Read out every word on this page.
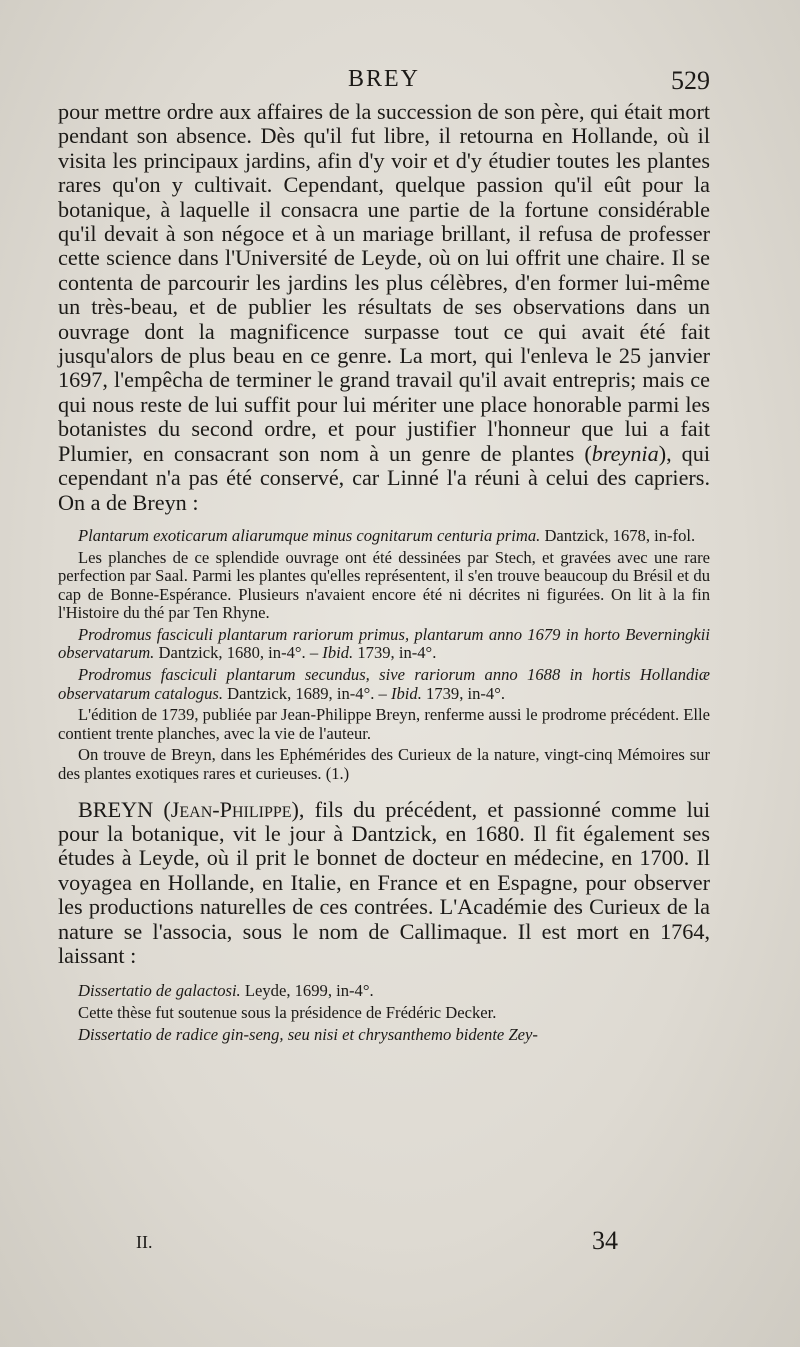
BREY	529

pour mettre ordre aux affaires de la succession de son père, qui était mort pendant son absence. Dès qu'il fut libre, il retourna en Hollande, où il visita les principaux jardins, afin d'y voir et d'y étudier toutes les plantes rares qu'on y cultivait. Cependant, quelque passion qu'il eût pour la botanique, à laquelle il consacra une partie de la fortune considérable qu'il devait à son négoce et à un mariage brillant, il refusa de professer cette science dans l'Université de Leyde, où on lui offrit une chaire. Il se contenta de parcourir les jardins les plus célèbres, d'en former lui-même un très-beau, et de publier les résultats de ses observations dans un ouvrage dont la magnificence surpasse tout ce qui avait été fait jusqu'alors de plus beau en ce genre. La mort, qui l'enleva le 25 janvier 1697, l'empêcha de terminer le grand travail qu'il avait entrepris; mais ce qui nous reste de lui suffit pour lui mériter une place honorable parmi les botanistes du second ordre, et pour justifier l'honneur que lui a fait Plumier, en consacrant son nom à un genre de plantes (breynia), qui cependant n'a pas été conservé, car Linné l'a réuni à celui des capriers. On a de Breyn :

Plantarum exoticarum aliarumque minus cognitarum centuria prima. Dantzick, 1678, in-fol.

Les planches de ce splendide ouvrage ont été dessinées par Stech, et gravées avec une rare perfection par Saal. Parmi les plantes qu'elles représentent, il s'en trouve beaucoup du Brésil et du cap de Bonne-Espérance. Plusieurs n'avaient encore été ni décrites ni figurées. On lit à la fin l'Histoire du thé par Ten Rhyne.

Prodromus fasciculi plantarum rariorum primus, plantarum anno 1679 in horto Beverningkii observatarum. Dantzick, 1680, in-4°. – Ibid. 1739, in-4°.

Prodromus fasciculi plantarum secundus, sive rariorum anno 1688 in hortis Hollandiæ observatarum catalogus. Dantzick, 1689, in-4°. – Ibid. 1739, in-4°.

L'édition de 1739, publiée par Jean-Philippe Breyn, renferme aussi le prodrome précédent. Elle contient trente planches, avec la vie de l'auteur.

On trouve de Breyn, dans les Ephémérides des Curieux de la nature, vingt-cinq Mémoires sur des plantes exotiques rares et curieuses. (1.)

BREYN (Jean-Philippe), fils du précédent, et passionné comme lui pour la botanique, vit le jour à Dantzick, en 1680. Il fit également ses études à Leyde, où il prit le bonnet de docteur en médecine, en 1700. Il voyagea en Hollande, en Italie, en France et en Espagne, pour observer les productions naturelles de ces contrées. L'Académie des Curieux de la nature se l'associa, sous le nom de Callimaque. Il est mort en 1764, laissant :

Dissertatio de galactosi. Leyde, 1699, in-4°.

Cette thèse fut soutenue sous la présidence de Frédéric Decker.

Dissertatio de radice gin-seng, seu nisi et chrysanthemo bidente Zey-

II.	34
